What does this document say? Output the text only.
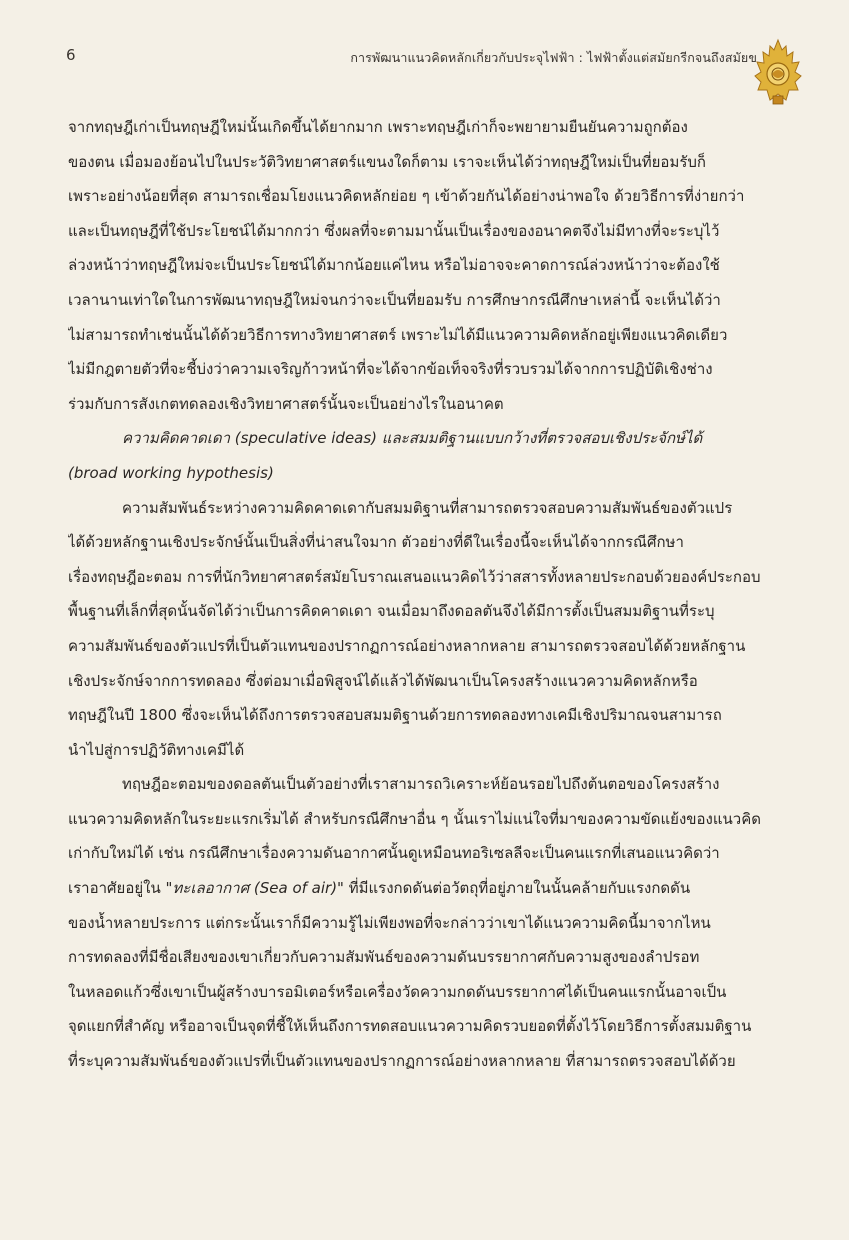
6	การพัฒนาแนวคิดหลักเกี่ยวกับประจุไฟฟ้า : ไฟฟ้าตั้งแต่สมัยกรีกจนถึงสมัยข

จากทฤษฎีเก่าเป็นทฤษฎีใหม่นั้นเกิดขึ้นได้ยากมาก เพราะทฤษฎีเก่าก็จะพยายามยืนยันความถูกต้อง

ของตน เมื่อมองย้อนไปในประวัติวิทยาศาสตร์แขนงใดก็ตาม เราจะเห็นได้ว่าทฤษฎีใหม่เป็นที่ยอมรับก็

เพราะอย่างน้อยที่สุด สามารถเชื่อมโยงแนวคิดหลักย่อย ๆ เข้าด้วยกันได้อย่างน่าพอใจ ด้วยวิธีการที่ง่ายกว่า

และเป็นทฤษฎีที่ใช้ประโยชน์ได้มากกว่า ซึ่งผลที่จะตามมานั้นเป็นเรื่องของอนาคตจึงไม่มีทางที่จะระบุไว้

ล่วงหน้าว่าทฤษฎีใหม่จะเป็นประโยชน์ได้มากน้อยแค่ไหน หรือไม่อาจจะคาดการณ์ล่วงหน้าว่าจะต้องใช้

เวลานานเท่าใดในการพัฒนาทฤษฎีใหม่จนกว่าจะเป็นที่ยอมรับ การศึกษากรณีศึกษาเหล่านี้ จะเห็นได้ว่า

ไม่สามารถทำเช่นนั้นได้ด้วยวิธีการทางวิทยาศาสตร์ เพราะไม่ได้มีแนวความคิดหลักอยู่เพียงแนวคิดเดียว

ไม่มีกฎตายตัวที่จะชี้บ่งว่าความเจริญก้าวหน้าที่จะได้จากข้อเท็จจริงที่รวบรวมได้จากการปฏิบัติเชิงช่าง

ร่วมกับการสังเกตทดลองเชิงวิทยาศาสตร์นั้นจะเป็นอย่างไรในอนาคต

ความคิดคาดเดา (speculative ideas) และสมมติฐานแบบกว้างที่ตรวจสอบเชิงประจักษ์ได้

(broad working hypothesis)

ความสัมพันธ์ระหว่างความคิดคาดเดากับสมมติฐานที่สามารถตรวจสอบความสัมพันธ์ของตัวแปร

ได้ด้วยหลักฐานเชิงประจักษ์นั้นเป็นสิ่งที่น่าสนใจมาก ตัวอย่างที่ดีในเรื่องนี้จะเห็นได้จากกรณีศึกษา

เรื่องทฤษฎีอะตอม การที่นักวิทยาศาสตร์สมัยโบราณเสนอแนวคิดไว้ว่าสสารทั้งหลายประกอบด้วยองค์ประกอบ

พื้นฐานที่เล็กที่สุดนั้นจัดได้ว่าเป็นการคิดคาดเดา จนเมื่อมาถึงดอลตันจึงได้มีการตั้งเป็นสมมติฐานที่ระบุ

ความสัมพันธ์ของตัวแปรที่เป็นตัวแทนของปรากฏการณ์อย่างหลากหลาย สามารถตรวจสอบได้ด้วยหลักฐาน

เชิงประจักษ์จากการทดลอง ซึ่งต่อมาเมื่อพิสูจน์ได้แล้วได้พัฒนาเป็นโครงสร้างแนวความคิดหลักหรือ

ทฤษฎีในปี 1800 ซึ่งจะเห็นได้ถึงการตรวจสอบสมมติฐานด้วยการทดลองทางเคมีเชิงปริมาณจนสามารถ

นำไปสู่การปฏิวัติทางเคมีได้

ทฤษฎีอะตอมของดอลตันเป็นตัวอย่างที่เราสามารถวิเคราะห์ย้อนรอยไปถึงต้นตอของโครงสร้าง

แนวความคิดหลักในระยะแรกเริ่มได้ สำหรับกรณีศึกษาอื่น ๆ นั้นเราไม่แน่ใจที่มาของความขัดแย้งของแนวคิด

เก่ากับใหม่ได้ เช่น กรณีศึกษาเรื่องความดันอากาศนั้นดูเหมือนทอริเซลลีจะเป็นคนแรกที่เสนอแนวคิดว่า

เราอาศัยอยู่ใน "ทะเลอากาศ (Sea of air)" ที่มีแรงกดดันต่อวัตถุที่อยู่ภายในนั้นคล้ายกับแรงกดดัน

ของน้ำหลายประการ แต่กระนั้นเราก็มีความรู้ไม่เพียงพอที่จะกล่าวว่าเขาได้แนวความคิดนี้มาจากไหน

การทดลองที่มีชื่อเสียงของเขาเกี่ยวกับความสัมพันธ์ของความดันบรรยากาศกับความสูงของลำปรอท

ในหลอดแก้วซึ่งเขาเป็นผู้สร้างบารอมิเตอร์หรือเครื่องวัดความกดดันบรรยากาศได้เป็นคนแรกนั้นอาจเป็น

จุดแยกที่สำคัญ หรืออาจเป็นจุดที่ชี้ให้เห็นถึงการทดสอบแนวความคิดรวบยอดที่ตั้งไว้โดยวิธีการตั้งสมมติฐาน

ที่ระบุความสัมพันธ์ของตัวแปรที่เป็นตัวแทนของปรากฏการณ์อย่างหลากหลาย ที่สามารถตรวจสอบได้ด้วย
